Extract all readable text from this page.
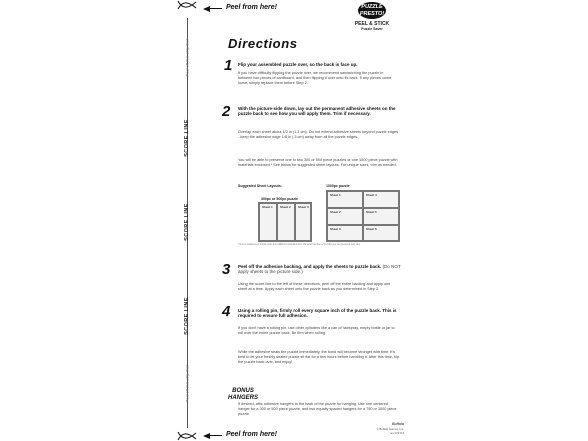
Peel off this strip first
SCORE LINE
SCORE LINE
SCORE LINE
Peel off this strip first
Peel from here!
Peel from here!
PUZZLE
PRESTO!
PEEL & STICK
Puzzle Saver
Directions
1 Flip your assembled puzzle over, so the back is face up.
If you have difficulty flipping the puzzle over, we recommend sandwiching the puzzle in between two pieces of cardboard, and then flipping it over onto its back. If any pieces come loose, simply replace them before Step 2.
2 With the picture-side down, lay out the permanent adhesive sheets on the puzzle back to see how you will apply them. Trim if necessary.
Overlap each sheet about 1/2 in (1.3 cm). Do not extend adhesive sheets beyond puzzle edges - keep the adhesive edge 1/8 in (.3 cm) away from all the puzzle edges.
You will be able to preserve one to two 300 or 500 piece puzzles or one 1000 piece puzzle with materials enclosed.* See below for suggested sheet layouts. For unique sizes, trim as needed.
Suggested Sheet Layouts:	1000pc puzzle
300pc or 500pc puzzle
Sheet 1	Sheet 2	Sheet 3
Sheet 1	Sheet 4
Sheet 2	Sheet 5
Sheet 3	Sheet 6
* Due to variances in puzzle sizes from different manufacturers, the exact number of puzzles you can preserve may vary.
3 Peel off the adhesive backing, and apply the sheets to puzzle back. (Do NOT apply sheets to the picture side.)
Using the score line to the left of these directions, peel off the entire backing and apply one sheet at a time. Apply each sheet onto the puzzle back as you determined in Step 2.
4 Using a rolling pin, firmly roll every square inch of the puzzle back. This is required to ensure full adhesion.
If you don't have a rolling pin, use other cylinders like a can of hairspray, empty bottle or jar to roll over the entire puzzle back. Be firm when rolling.
While the adhesive seals the puzzle immediately, the bond will become stronger with time. It's best to let your freshly sealed puzzle sit flat for a few hours before handling it. After this time, flip the puzzle back over, and enjoy!
BONUS
HANGERS
If desired, affix adhesive hangers to the back of the puzzle for hanging. Use one centered hanger for a 300 or 500 piece puzzle, and two equally spaced hangers for a 750 or 1000 piece puzzle.
Buffalo
© Buffalo Games, Inc.
rev 022713
